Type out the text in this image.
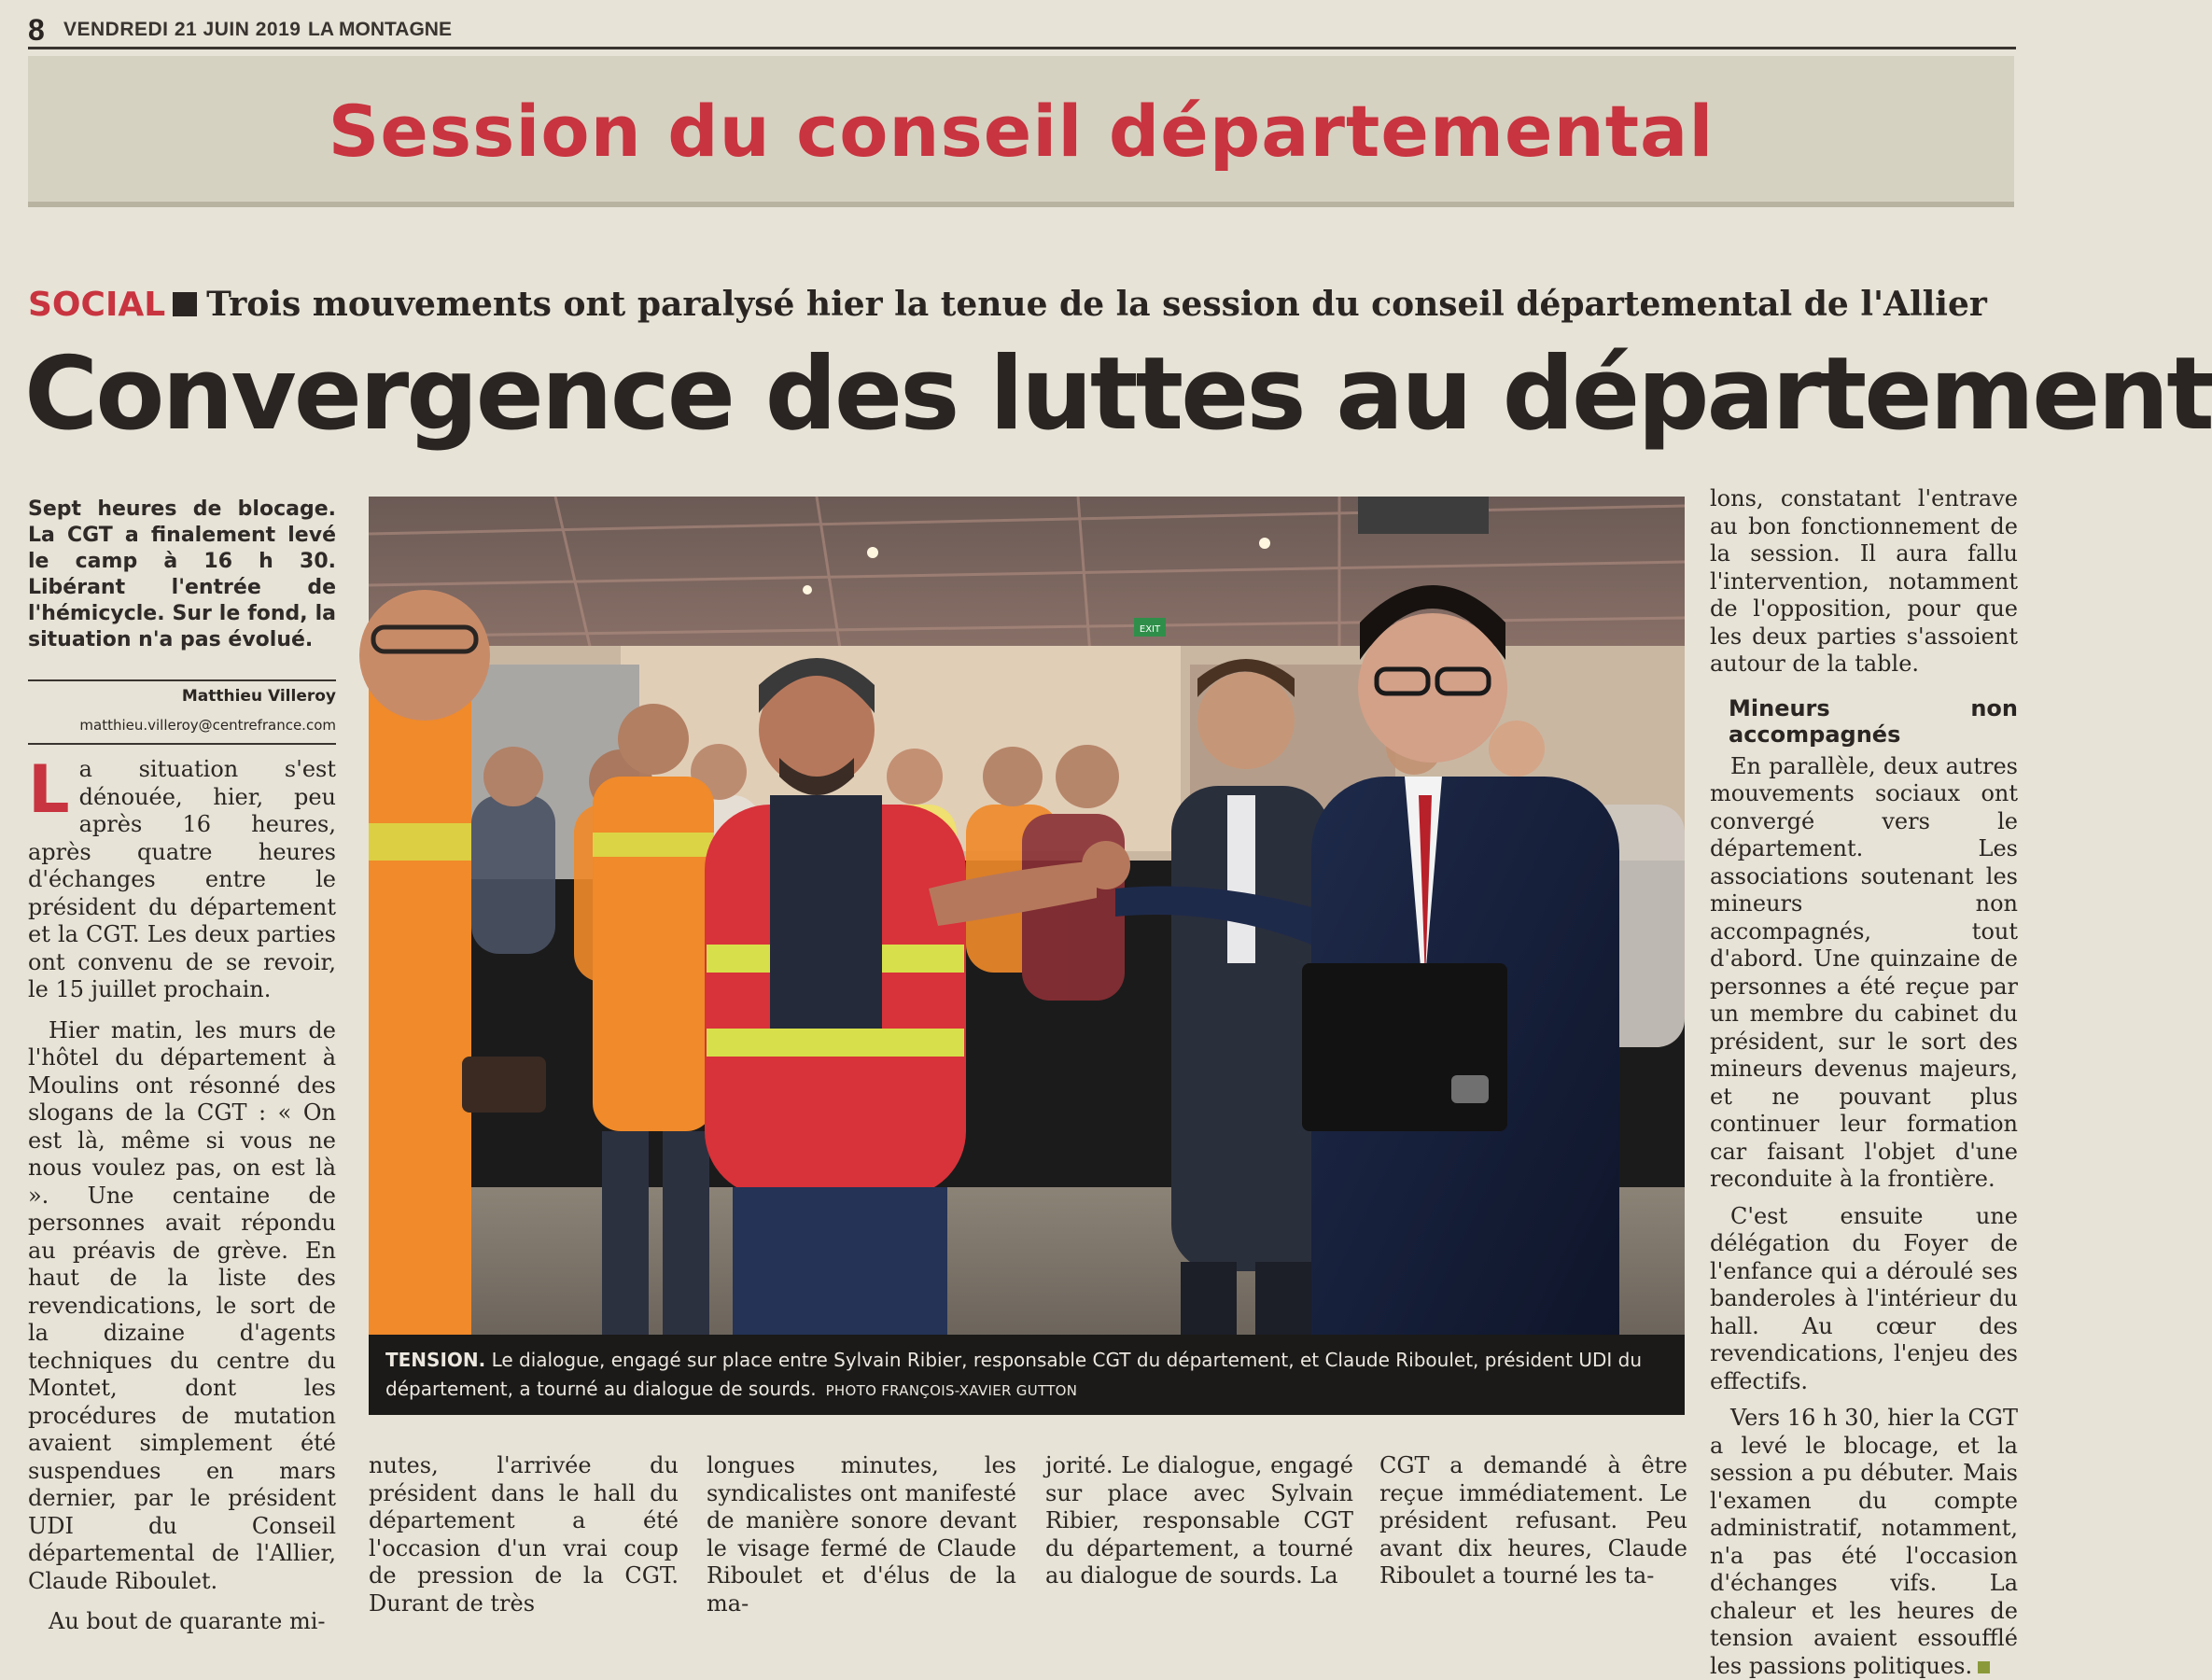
8 VENDREDI 21 JUIN 2019 LA MONTAGNE
Session du conseil départemental
SOCIAL Trois mouvements ont paralysé hier la tenue de la session du conseil départemental de l'Allier
Convergence des luttes au département
Sept heures de blocage. La CGT a finalement levé le camp à 16 h 30. Libérant l'entrée de l'hémicycle. Sur le fond, la situation n'a pas évolué.
Matthieu Villeroy
matthieu.villeroy@centrefrance.com

La situation s'est dénouée, hier, peu après 16 heures, après quatre heures d'échanges entre le président du département et la CGT. Les deux parties ont convenu de se revoir, le 15 juillet prochain.

Hier matin, les murs de l'hôtel du département à Moulins ont résonné des slogans de la CGT : « On est là, même si vous ne nous voulez pas, on est là ». Une centaine de personnes avait répondu au préavis de grève. En haut de la liste des revendications, le sort de la dizaine d'agents techniques du centre du Montet, dont les procédures de mutation avaient simplement été suspendues en mars dernier, par le président UDI du Conseil départemental de l'Allier, Claude Riboulet.

Au bout de quarante mi-

EXIT
TENSION. Le dialogue, engagé sur place entre Sylvain Ribier, responsable CGT du département, et Claude Riboulet, président UDI du département, a tourné au dialogue de sourds. PHOTO FRANÇOIS-XAVIER GUTTON

nutes, l'arrivée du président dans le hall du département a été l'occasion d'un vrai coup de pression de la CGT. Durant de très

longues minutes, les syndicalistes ont manifesté de manière sonore devant le visage fermé de Claude Riboulet et d'élus de la ma-

jorité. Le dialogue, engagé sur place avec Sylvain Ribier, responsable CGT du département, a tourné au dialogue de sourds. La

CGT a demandé à être reçue immédiatement. Le président refusant. Peu avant dix heures, Claude Riboulet a tourné les ta-

lons, constatant l'entrave au bon fonctionnement de la session. Il aura fallu l'intervention, notamment de l'opposition, pour que les deux parties s'assoient autour de la table.

Mineurs non accompagnés

En parallèle, deux autres mouvements sociaux ont convergé vers le département. Les associations soutenant les mineurs non accompagnés, tout d'abord. Une quinzaine de personnes a été reçue par un membre du cabinet du président, sur le sort des mineurs devenus majeurs, et ne pouvant plus continuer leur formation car faisant l'objet d'une reconduite à la frontière.

C'est ensuite une délégation du Foyer de l'enfance qui a déroulé ses banderoles à l'intérieur du hall. Au cœur des revendications, l'enjeu des effectifs.

Vers 16 h 30, hier la CGT a levé le blocage, et la session a pu débuter. Mais l'examen du compte administratif, notamment, n'a pas été l'occasion d'échanges vifs. La chaleur et les heures de tension avaient essoufflé les passions politiques.
